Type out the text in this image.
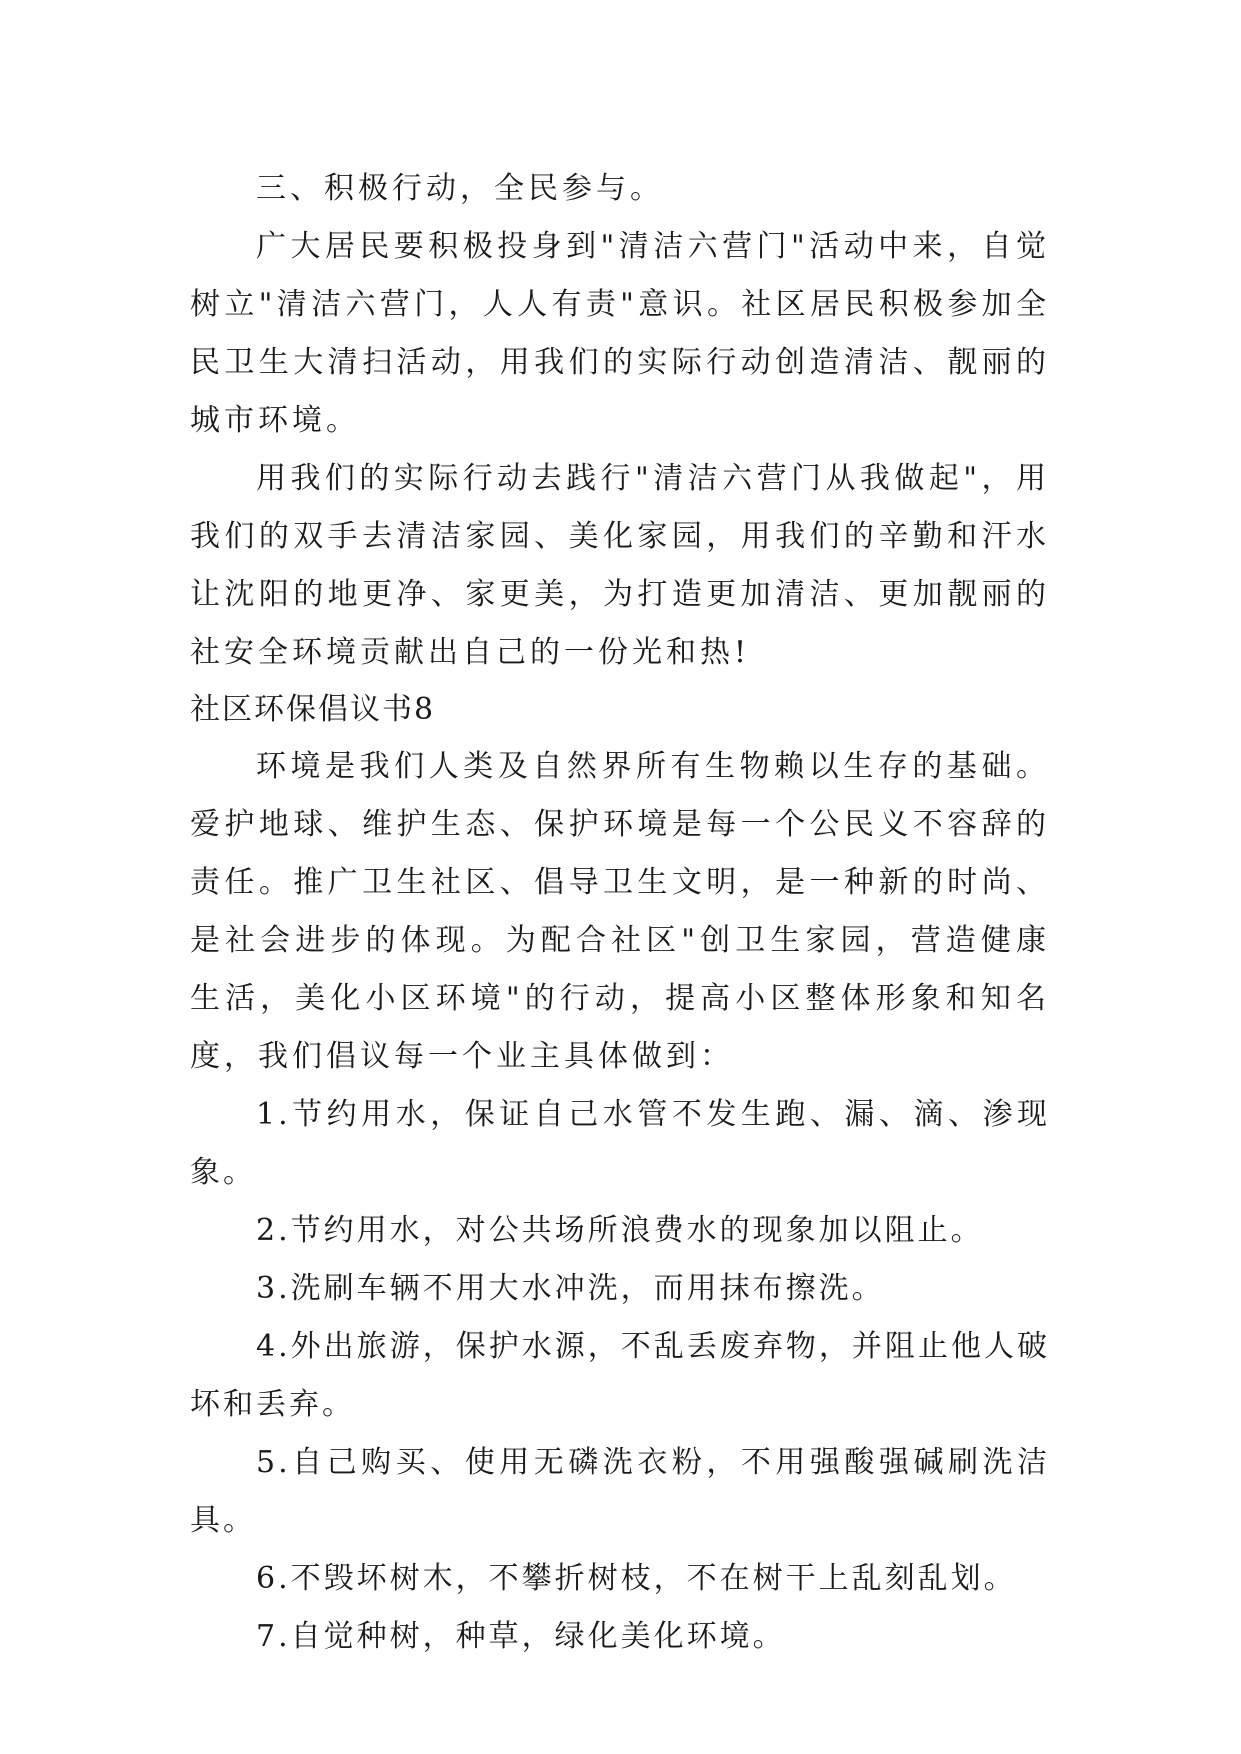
三、积极行动，全民参与。

广大居民要积极投身到"清洁六营门"活动中来，自觉树立"清洁六营门，人人有责"意识。社区居民积极参加全民卫生大清扫活动，用我们的实际行动创造清洁、靓丽的城市环境。

用我们的实际行动去践行"清洁六营门从我做起"，用我们的双手去清洁家园、美化家园，用我们的辛勤和汗水让沈阳的地更净、家更美，为打造更加清洁、更加靓丽的社安全环境贡献出自己的一份光和热!

社区环保倡议书8

环境是我们人类及自然界所有生物赖以生存的基础。爱护地球、维护生态、保护环境是每一个公民义不容辞的责任。推广卫生社区、倡导卫生文明，是一种新的时尚、是社会进步的体现。为配合社区"创卫生家园，营造健康生活，美化小区环境"的行动，提高小区整体形象和知名度，我们倡议每一个业主具体做到：

1.节约用水，保证自己水管不发生跑、漏、滴、渗现象。

2.节约用水，对公共场所浪费水的现象加以阻止。

3.洗刷车辆不用大水冲洗，而用抹布擦洗。

4.外出旅游，保护水源，不乱丢废弃物，并阻止他人破坏和丢弃。

5.自己购买、使用无磷洗衣粉，不用强酸强碱刷洗洁具。

6.不毁坏树木，不攀折树枝，不在树干上乱刻乱划。

7.自觉种树，种草，绿化美化环境。
